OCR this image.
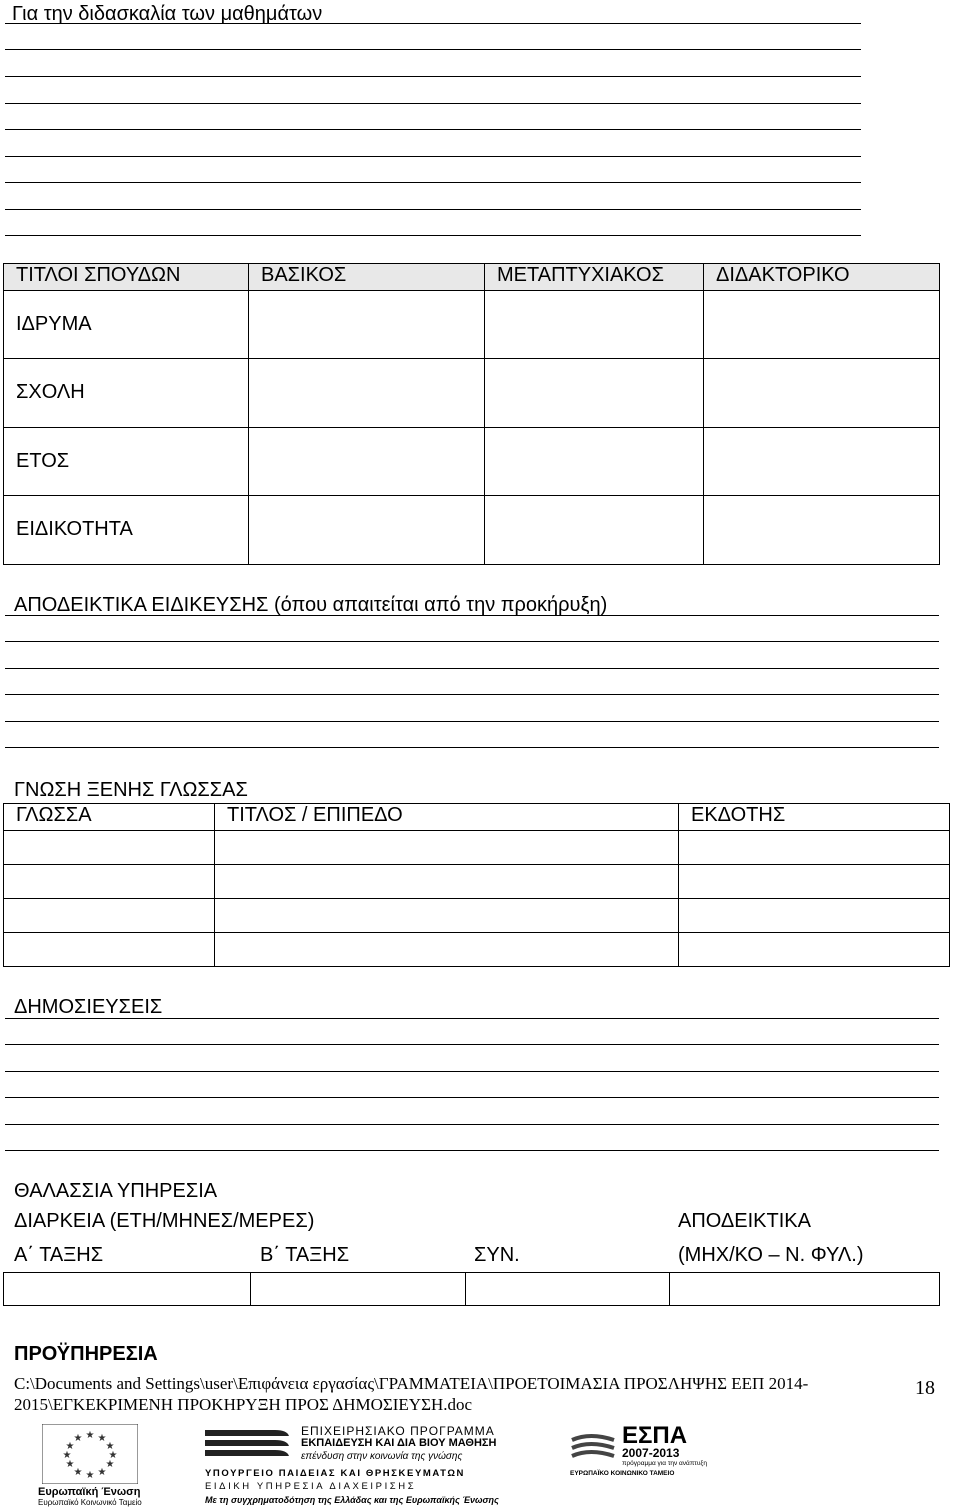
Για την διδασκαλία των μαθημάτων
ΤΙΤΛΟΙ ΣΠΟΥΔΩΝ	ΒΑΣΙΚΟΣ	ΜΕΤΑΠΤΥΧΙΑΚΟΣ	ΔΙΔΑΚΤΟΡΙΚΟ
ΙΔΡΥΜΑ			
ΣΧΟΛΗ			
ΕΤΟΣ			
ΕΙΔΙΚΟΤΗΤΑ			
ΑΠΟΔΕΙΚΤΙΚΑ ΕΙΔΙΚΕΥΣΗΣ (όπου απαιτείται από την προκήρυξη)
ΓΝΩΣΗ ΞΕΝΗΣ ΓΛΩΣΣΑΣ
ΓΛΩΣΣΑ	ΤΙΤΛΟΣ / ΕΠΙΠΕΔΟ	ΕΚΔΟΤΗΣ

ΔΗΜΟΣΙΕΥΣΕΙΣ
ΘΑΛΑΣΣΙΑ ΥΠΗΡΕΣΙΑ
ΔΙΑΡΚΕΙΑ (ΕΤΗ/ΜΗΝΕΣ/ΜΕΡΕΣ)	ΑΠΟΔΕΙΚΤΙΚΑ
Α΄ ΤΑΞΗΣ	Β΄ ΤΑΞΗΣ	ΣΥΝ.	(ΜΗΧ/ΚΟ – Ν. ΦΥΛ.)

ΠΡΟΫΠΗΡΕΣΙΑ
C:\Documents and Settings\user\Επιφάνεια εργασίας\ΓΡΑΜΜΑΤΕΙΑ\ΠΡΟΕΤΟΙΜΑΣΙΑ ΠΡΟΣΛΗΨΗΣ ΕΕΠ 2014-
2015\ΕΓΚΕΚΡΙΜΕΝΗ ΠΡΟΚΗΡΥΞΗ ΠΡΟΣ ΔΗΜΟΣΙΕΥΣΗ.doc
18
★ ★
★
★
★
★
★
★
★
★
★
★
Ευρωπαϊκή Ένωση
Ευρωπαϊκό Κοινωνικό Ταμείο
ΕΠΙΧΕΙΡΗΣΙΑΚΟ ΠΡΟΓΡΑΜΜΑ
ΕΚΠΑΙΔΕΥΣΗ ΚΑΙ ΔΙΑ ΒΙΟΥ ΜΑΘΗΣΗ
επένδυση στην κοινωνία της γνώσης
ΥΠΟΥΡΓΕΙΟ ΠΑΙΔΕΙΑΣ ΚΑΙ ΘΡΗΣΚΕΥΜΑΤΩΝ
ΕΙΔΙΚΗ ΥΠΗΡΕΣΙΑ ΔΙΑΧΕΙΡΙΣΗΣ
Με τη συγχρηματοδότηση της Ελλάδας και της Ευρωπαϊκής Ένωσης
ΕΣΠΑ
2007-2013
πρόγραμμα για την ανάπτυξη
ΕΥΡΩΠΑΪΚΟ ΚΟΙΝΩΝΙΚΟ ΤΑΜΕΙΟ
